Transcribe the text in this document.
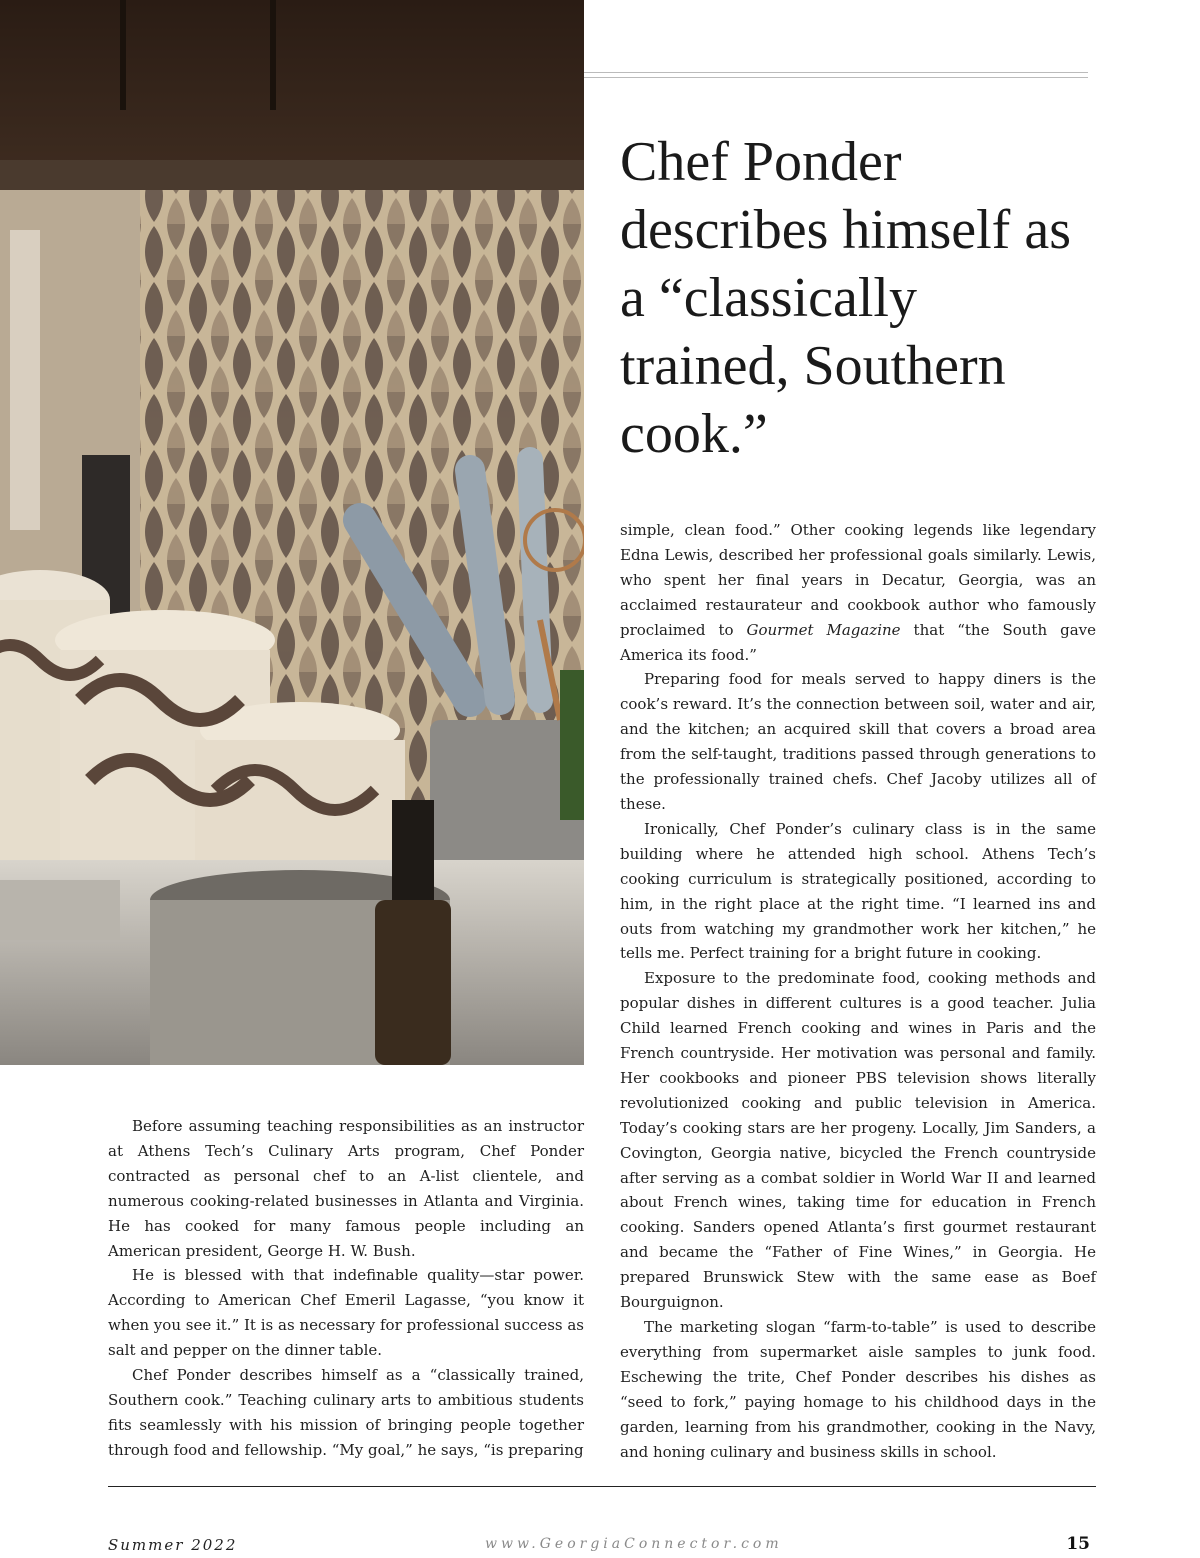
Chef Ponder describes himself as a “classically trained, Southern cook.”

Before assuming teaching responsibilities as an instructor at Athens Tech’s Culinary Arts program, Chef Ponder contracted as personal chef to an A-list clientele, and numerous cooking-related businesses in Atlanta and Virginia. He has cooked for many famous people including an American president, George H. W. Bush.

He is blessed with that indefinable quality—star power. According to American Chef Emeril Lagasse, “you know it when you see it.” It is as necessary for professional success as salt and pepper on the dinner table.

Chef Ponder describes himself as a “classically trained, Southern cook.” Teaching culinary arts to ambitious students fits seamlessly with his mission of bringing people together through food and fellowship. “My goal,” he says, “is preparing

simple, clean food.” Other cooking legends like legendary Edna Lewis, described her professional goals similarly. Lewis, who spent her final years in Decatur, Georgia, was an acclaimed restaurateur and cookbook author who famously proclaimed to Gourmet Magazine that “the South gave America its food.”

Preparing food for meals served to happy diners is the cook’s reward. It’s the connection between soil, water and air, and the kitchen; an acquired skill that covers a broad area from the self-taught, traditions passed through generations to the professionally trained chefs. Chef Jacoby utilizes all of these.

Ironically, Chef Ponder’s culinary class is in the same building where he attended high school. Athens Tech’s cooking curriculum is strategically positioned, according to him, in the right place at the right time. “I learned ins and outs from watching my grandmother work her kitchen,” he tells me. Perfect training for a bright future in cooking.

Exposure to the predominate food, cooking methods and popular dishes in different cultures is a good teacher. Julia Child learned French cooking and wines in Paris and the French countryside. Her motivation was personal and family. Her cookbooks and pioneer PBS television shows literally revolutionized cooking and public television in America. Today’s cooking stars are her progeny. Locally, Jim Sanders, a Covington, Georgia native, bicycled the French countryside after serving as a combat soldier in World War II and learned about French wines, taking time for education in French cooking. Sanders opened Atlanta’s first gourmet restaurant and became the “Father of Fine Wines,” in Georgia. He prepared Brunswick Stew with the same ease as Boef Bourguignon.

The marketing slogan “farm-to-table” is used to describe everything from supermarket aisle samples to junk food. Eschewing the trite, Chef Ponder describes his dishes as “seed to fork,” paying homage to his childhood days in the garden, learning from his grandmother, cooking in the Navy, and honing culinary and business skills in school.

Summer 2022	www.GeorgiaConnector.com	15
